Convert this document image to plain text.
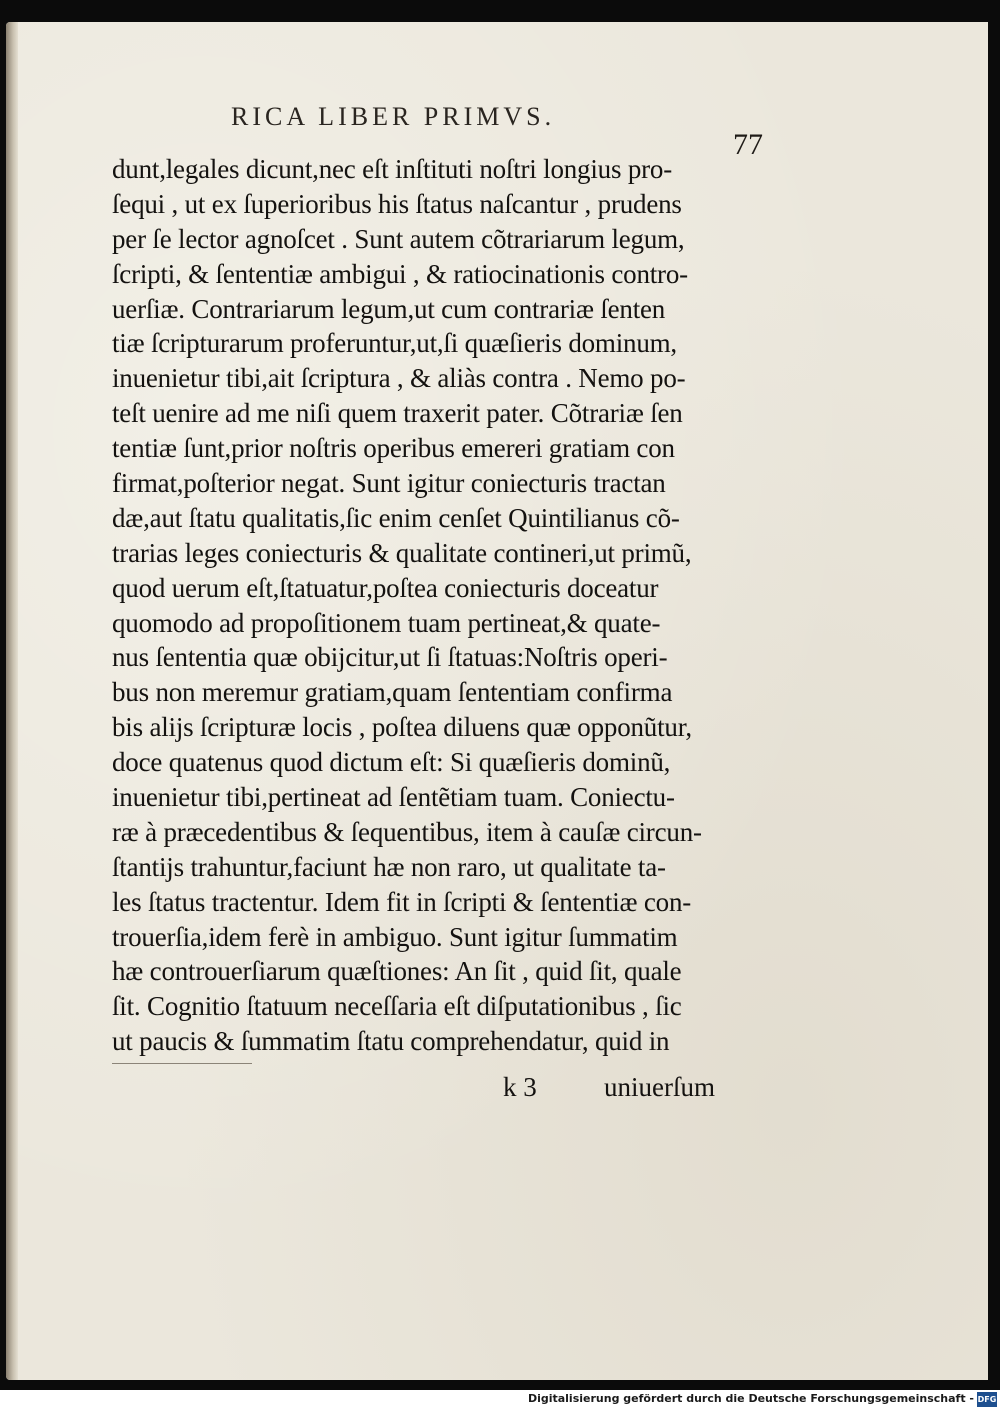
RICA LIBER PRIMVS.
77
dunt,legales dicunt,nec eſt inſtituti noſtri longius pro-
ſequi , ut ex ſuperioribus his ſtatus naſcantur , prudens
per ſe lector agnoſcet . Sunt autem cõtrariarum legum,
ſcripti, & ſententiæ ambigui , & ratiocinationis contro-
uerſiæ. Contrariarum legum,ut cum contrariæ ſenten
tiæ ſcripturarum proferuntur,ut,ſi quæſieris dominum,
inuenietur tibi,ait ſcriptura , & aliàs contra . Nemo po-
teſt uenire ad me niſi quem traxerit pater. Cõtrariæ ſen
tentiæ ſunt,prior noſtris operibus emereri gratiam con
firmat,poſterior negat. Sunt igitur coniecturis tractan
dæ,aut ſtatu qualitatis,ſic enim cenſet Quintilianus cõ-
trarias leges coniecturis & qualitate contineri,ut primũ,
quod uerum eſt,ſtatuatur,poſtea coniecturis doceatur
quomodo ad propoſitionem tuam pertineat,& quate-
nus ſententia quæ obijcitur,ut ſi ſtatuas:Noſtris operi-
bus non meremur gratiam,quam ſententiam confirma
bis alijs ſcripturæ locis , poſtea diluens quæ opponũtur,
doce quatenus quod dictum eſt: Si quæſieris dominũ,
inuenietur tibi,pertineat ad ſentẽtiam tuam. Coniectu-
ræ à præcedentibus & ſequentibus, item à cauſæ circun-
ſtantijs trahuntur,faciunt hæ non raro, ut qualitate ta-
les ſtatus tractentur. Idem fit in ſcripti & ſententiæ con-
trouerſia,idem ferè in ambiguo. Sunt igitur ſummatim
hæ controuerſiarum quæſtiones: An ſit , quid ſit, quale
ſit. Cognitio ſtatuum neceſſaria eſt diſputationibus , ſic
ut paucis & ſummatim ſtatu comprehendatur, quid in
k 3 uniuerſum
Digitalisierung gefördert durch die Deutsche Forschungsgemeinschaft - DFG
